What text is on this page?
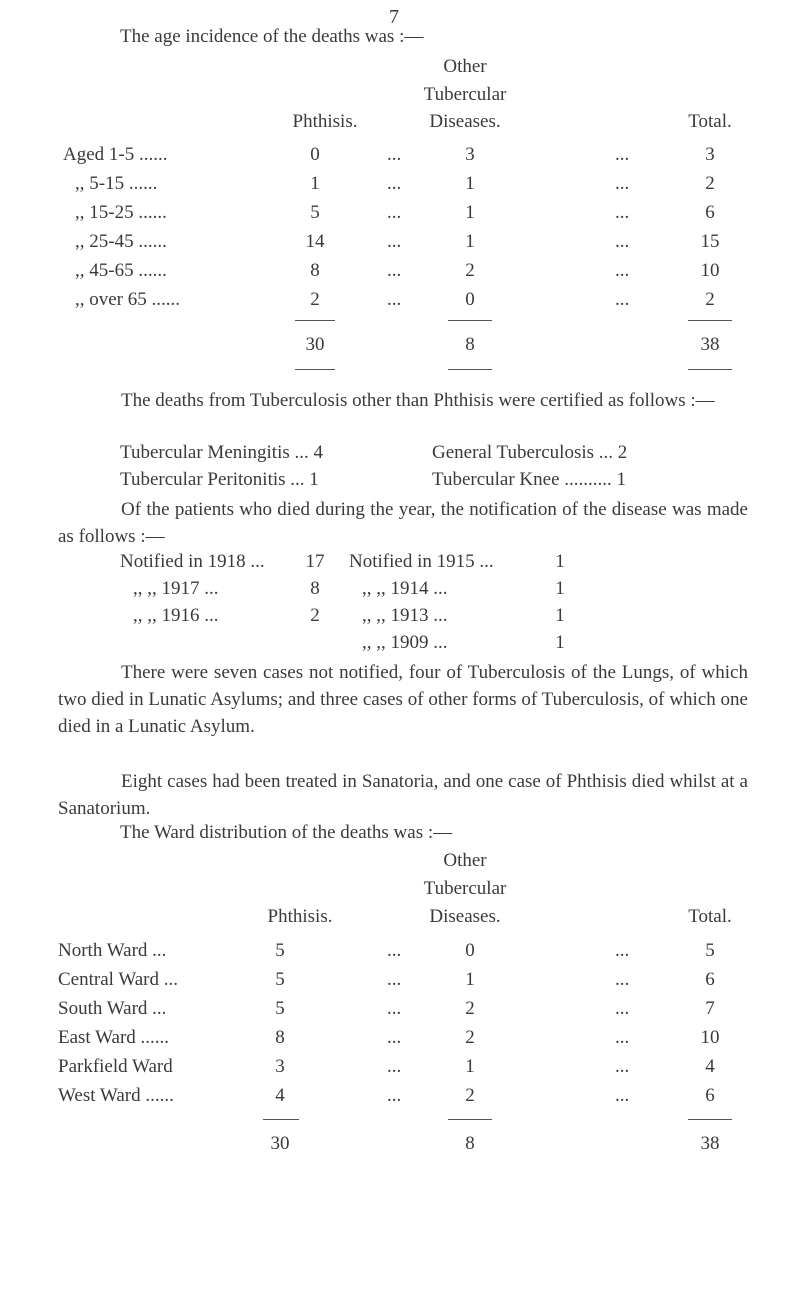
7
The age incidence of the deaths was :—
Other
Tubercular
Phthisis.	Diseases.	Total.
Aged 1-5 ......	0	...	3	...	3
,, 5-15 ......	1	...	1	...	2
,, 15-25 ......	5	...	1	...	6
,, 25-45 ......	14	...	1	...	15
,, 45-65 ......	8	...	2	...	10
,, over 65 ......	2	...	0	...	2
30	8	38
The deaths from Tuberculosis other than Phthisis were certified as follows :—
Tubercular Meningitis ... 4	General Tuberculosis ... 2
Tubercular Peritonitis ... 1	Tubercular Knee .......... 1
Of the patients who died during the year, the notification of the disease was made as follows :—
Notified in 1918 ...	17
,, ,, 1917 ...	8
,, ,, 1916 ...	2
Notified in 1915 ...	1
,, ,, 1914 ...	1
,, ,, 1913 ...	1
,, ,, 1909 ...	1
There were seven cases not notified, four of Tuberculosis of the Lungs, of which two died in Lunatic Asylums; and three cases of other forms of Tuberculosis, of which one died in a Lunatic Asylum.
Eight cases had been treated in Sanatoria, and one case of Phthisis died whilst at a Sanatorium.
The Ward distribution of the deaths was :—
Other
Tubercular
Phthisis.	Diseases.	Total.
North Ward ...	5	...	0	...	5
Central Ward ...	5	...	1	...	6
South Ward ...	5	...	2	...	7
East Ward ......	8	...	2	...	10
Parkfield Ward	3	...	1	...	4
West Ward ......	4	...	2	...	6
30	8	38
